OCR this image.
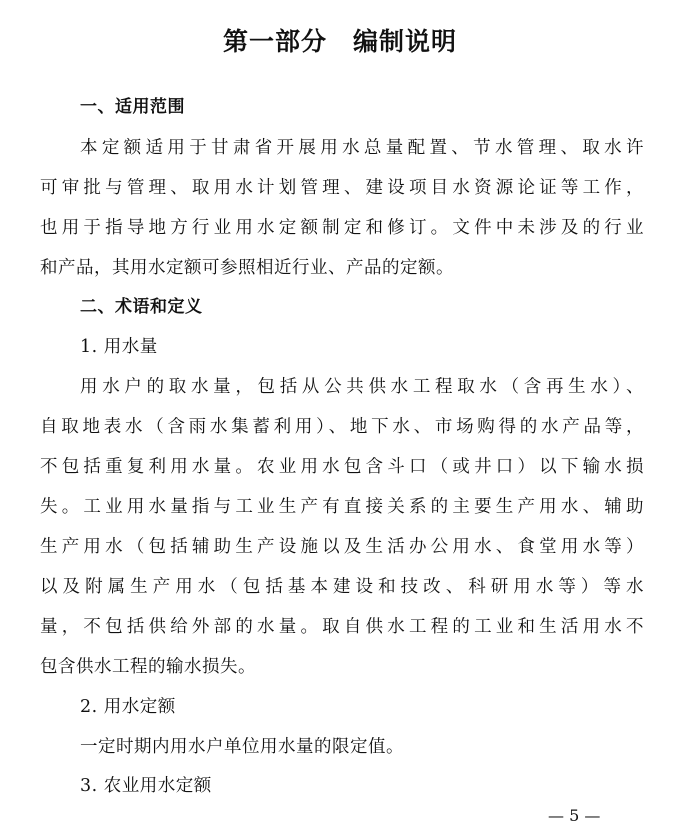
第一部分　编制说明
一、适用范围
本定额适用于甘肃省开展用水总量配置、节水管理、取水许
可审批与管理、取用水计划管理、建设项目水资源论证等工作，
也用于指导地方行业用水定额制定和修订。文件中未涉及的行业
和产品，其用水定额可参照相近行业、产品的定额。
二、术语和定义
1. 用水量
用水户的取水量，包括从公共供水工程取水（含再生水）、
自取地表水（含雨水集蓄利用）、地下水、市场购得的水产品等，
不包括重复利用水量。农业用水包含斗口（或井口）以下输水损
失。工业用水量指与工业生产有直接关系的主要生产用水、辅助
生产用水（包括辅助生产设施以及生活办公用水、食堂用水等）
以及附属生产用水（包括基本建设和技改、科研用水等）等水
量，不包括供给外部的水量。取自供水工程的工业和生活用水不
包含供水工程的输水损失。
2. 用水定额
一定时期内用水户单位用水量的限定值。
3. 农业用水定额
— 5 —
